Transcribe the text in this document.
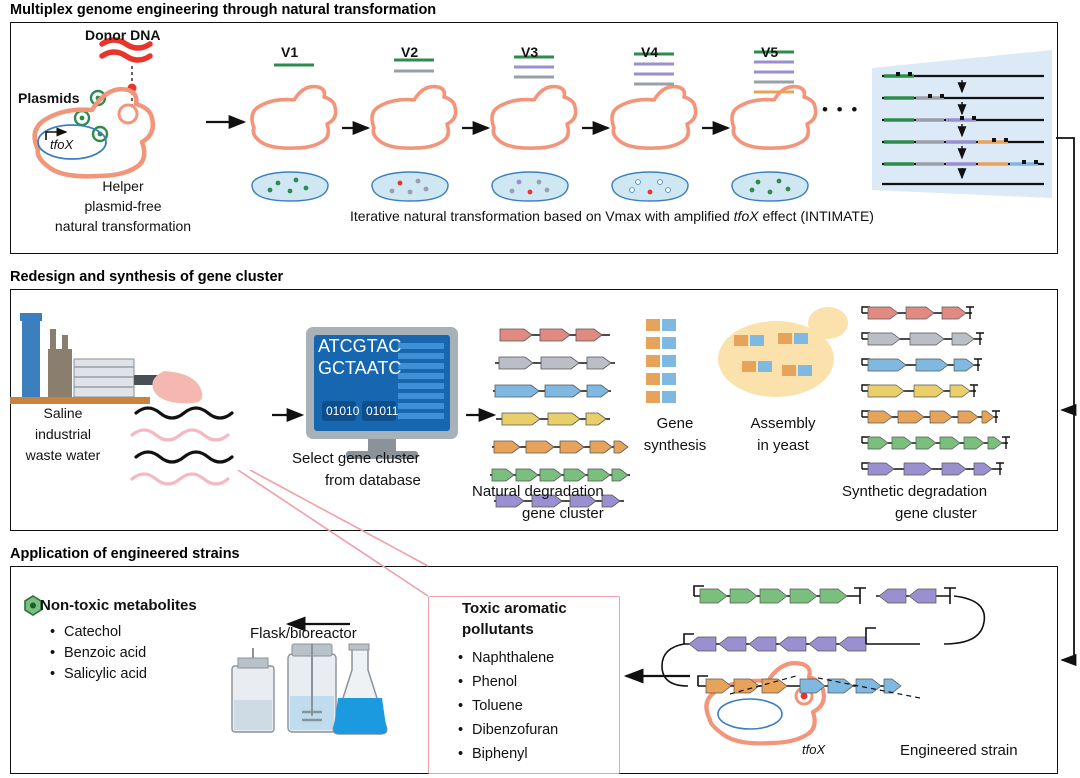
Multiplex genome engineering through natural transformation
tfoX
Donor DNA
Plasmids
Helper
plasmid-free
natural transformation
V1	V2	V3	V4	V5
• • •
Iterative natural transformation based on Vmax with amplified tfoX effect (INTIMATE)
Redesign and synthesis of gene cluster
Saline
industrial
waste water	Select gene cluster
from database
Natural degradation
gene cluster
Gene
synthesis
Assembly
in yeast
Synthetic degradation
gene cluster
ATCGTAC
GCTAATC
01010 01011
Application of engineered strains
Non-toxic metabolites
• Catechol
• Benzoic acid
• Salicylic acid
Flask/bioreactor
Toxic aromatic
pollutants
• Naphthalene
• Phenol
• Toluene
• Dibenzofuran
• Biphenyl	Engineered strain
tfoX
